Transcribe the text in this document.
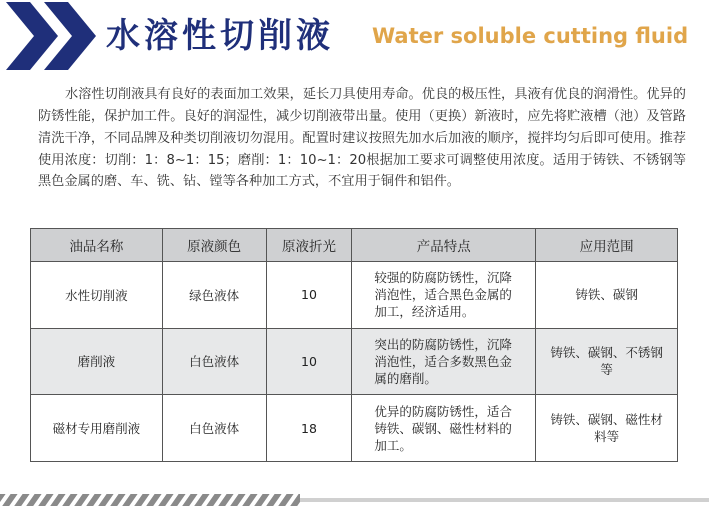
水溶性切削液 Water soluble cutting fluid

水溶性切削液具有良好的表面加工效果，延长刀具使用寿命。优良的极压性，具液有优良的润滑性。优异的防锈性能，保护加工件。良好的润湿性，减少切削液带出量。使用（更换）新液时，应先将贮液槽（池）及管路清洗干净，不同品牌及种类切削液切勿混用。配置时建议按照先加水后加液的顺序，搅拌均匀后即可使用。推荐使用浓度：切削：1：8~1：15；磨削：1：10~1：20根据加工要求可调整使用浓度。适用于铸铁、不锈钢等黑色金属的磨、车、铣、钻、镗等各种加工方式，不宜用于铜件和铝件。

油品名称	原液颜色	原液折光	产品特点	应用范围
水性切削液	绿色液体	10	较强的防腐防锈性，沉降消泡性，适合黑色金属的加工，经济适用。	铸铁、碳钢
磨削液	白色液体	10	突出的防腐防锈性，沉降消泡性，适合多数黑色金属的磨削。	铸铁、碳钢、不锈钢等
磁材专用磨削液	白色液体	18	优异的防腐防锈性，适合铸铁、碳钢、磁性材料的加工。	铸铁、碳钢、磁性材料等
